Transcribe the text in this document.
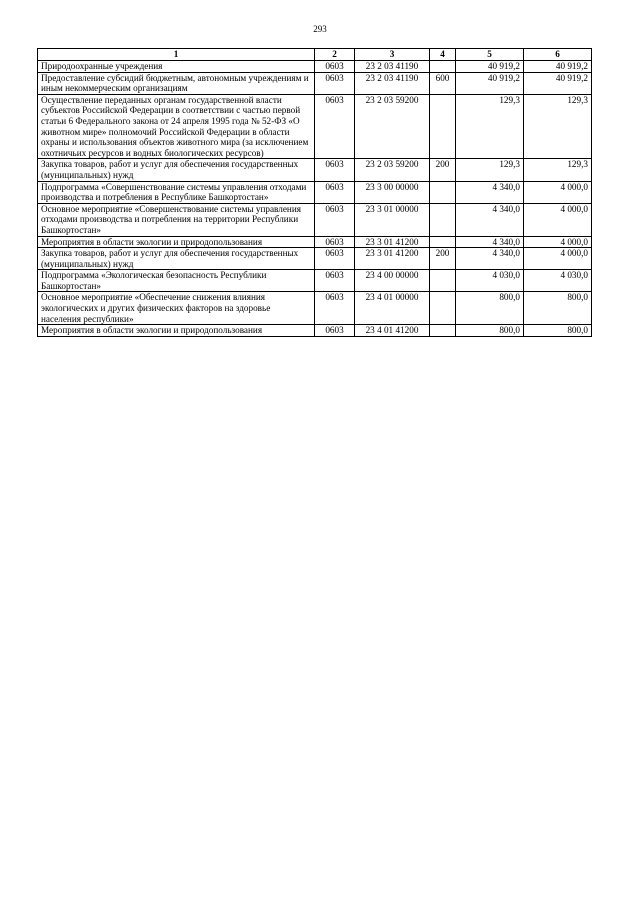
293
1	2	3	4	5	6
Природоохранные учреждения	0603	23 2 03 41190		40 919,2	40 919,2
Предоставление субсидий бюджетным, автономным учреждениям и иным некоммерческим организациям	0603	23 2 03 41190	600	40 919,2	40 919,2
Осуществление переданных органам государственной власти субъектов Российской Федерации в соответствии с частью первой статьи 6 Федерального закона от 24 апреля 1995 года № 52-ФЗ «О животном мире» полномочий Российской Федерации в области охраны и использования объектов животного мира (за исключением охотничьих ресурсов и водных биологических ресурсов)	0603	23 2 03 59200		129,3	129,3
Закупка товаров, работ и услуг для обеспечения государственных (муниципальных) нужд	0603	23 2 03 59200	200	129,3	129,3
Подпрограмма «Совершенствование системы управления отходами производства и потребления в Республике Башкортостан»	0603	23 3 00 00000		4 340,0	4 000,0
Основное мероприятие «Совершенствование системы управления отходами производства и потребления на территории Республики Башкортостан»	0603	23 3 01 00000		4 340,0	4 000,0
Мероприятия в области экологии и природопользования	0603	23 3 01 41200		4 340,0	4 000,0
Закупка товаров, работ и услуг для обеспечения государственных (муниципальных) нужд	0603	23 3 01 41200	200	4 340,0	4 000,0
Подпрограмма «Экологическая безопасность Республики Башкортостан»	0603	23 4 00 00000		4 030,0	4 030,0
Основное мероприятие «Обеспечение снижения влияния экологических и других физических факторов на здоровье населения республики»	0603	23 4 01 00000		800,0	800,0
Мероприятия в области экологии и природопользования	0603	23 4 01 41200		800,0	800,0
